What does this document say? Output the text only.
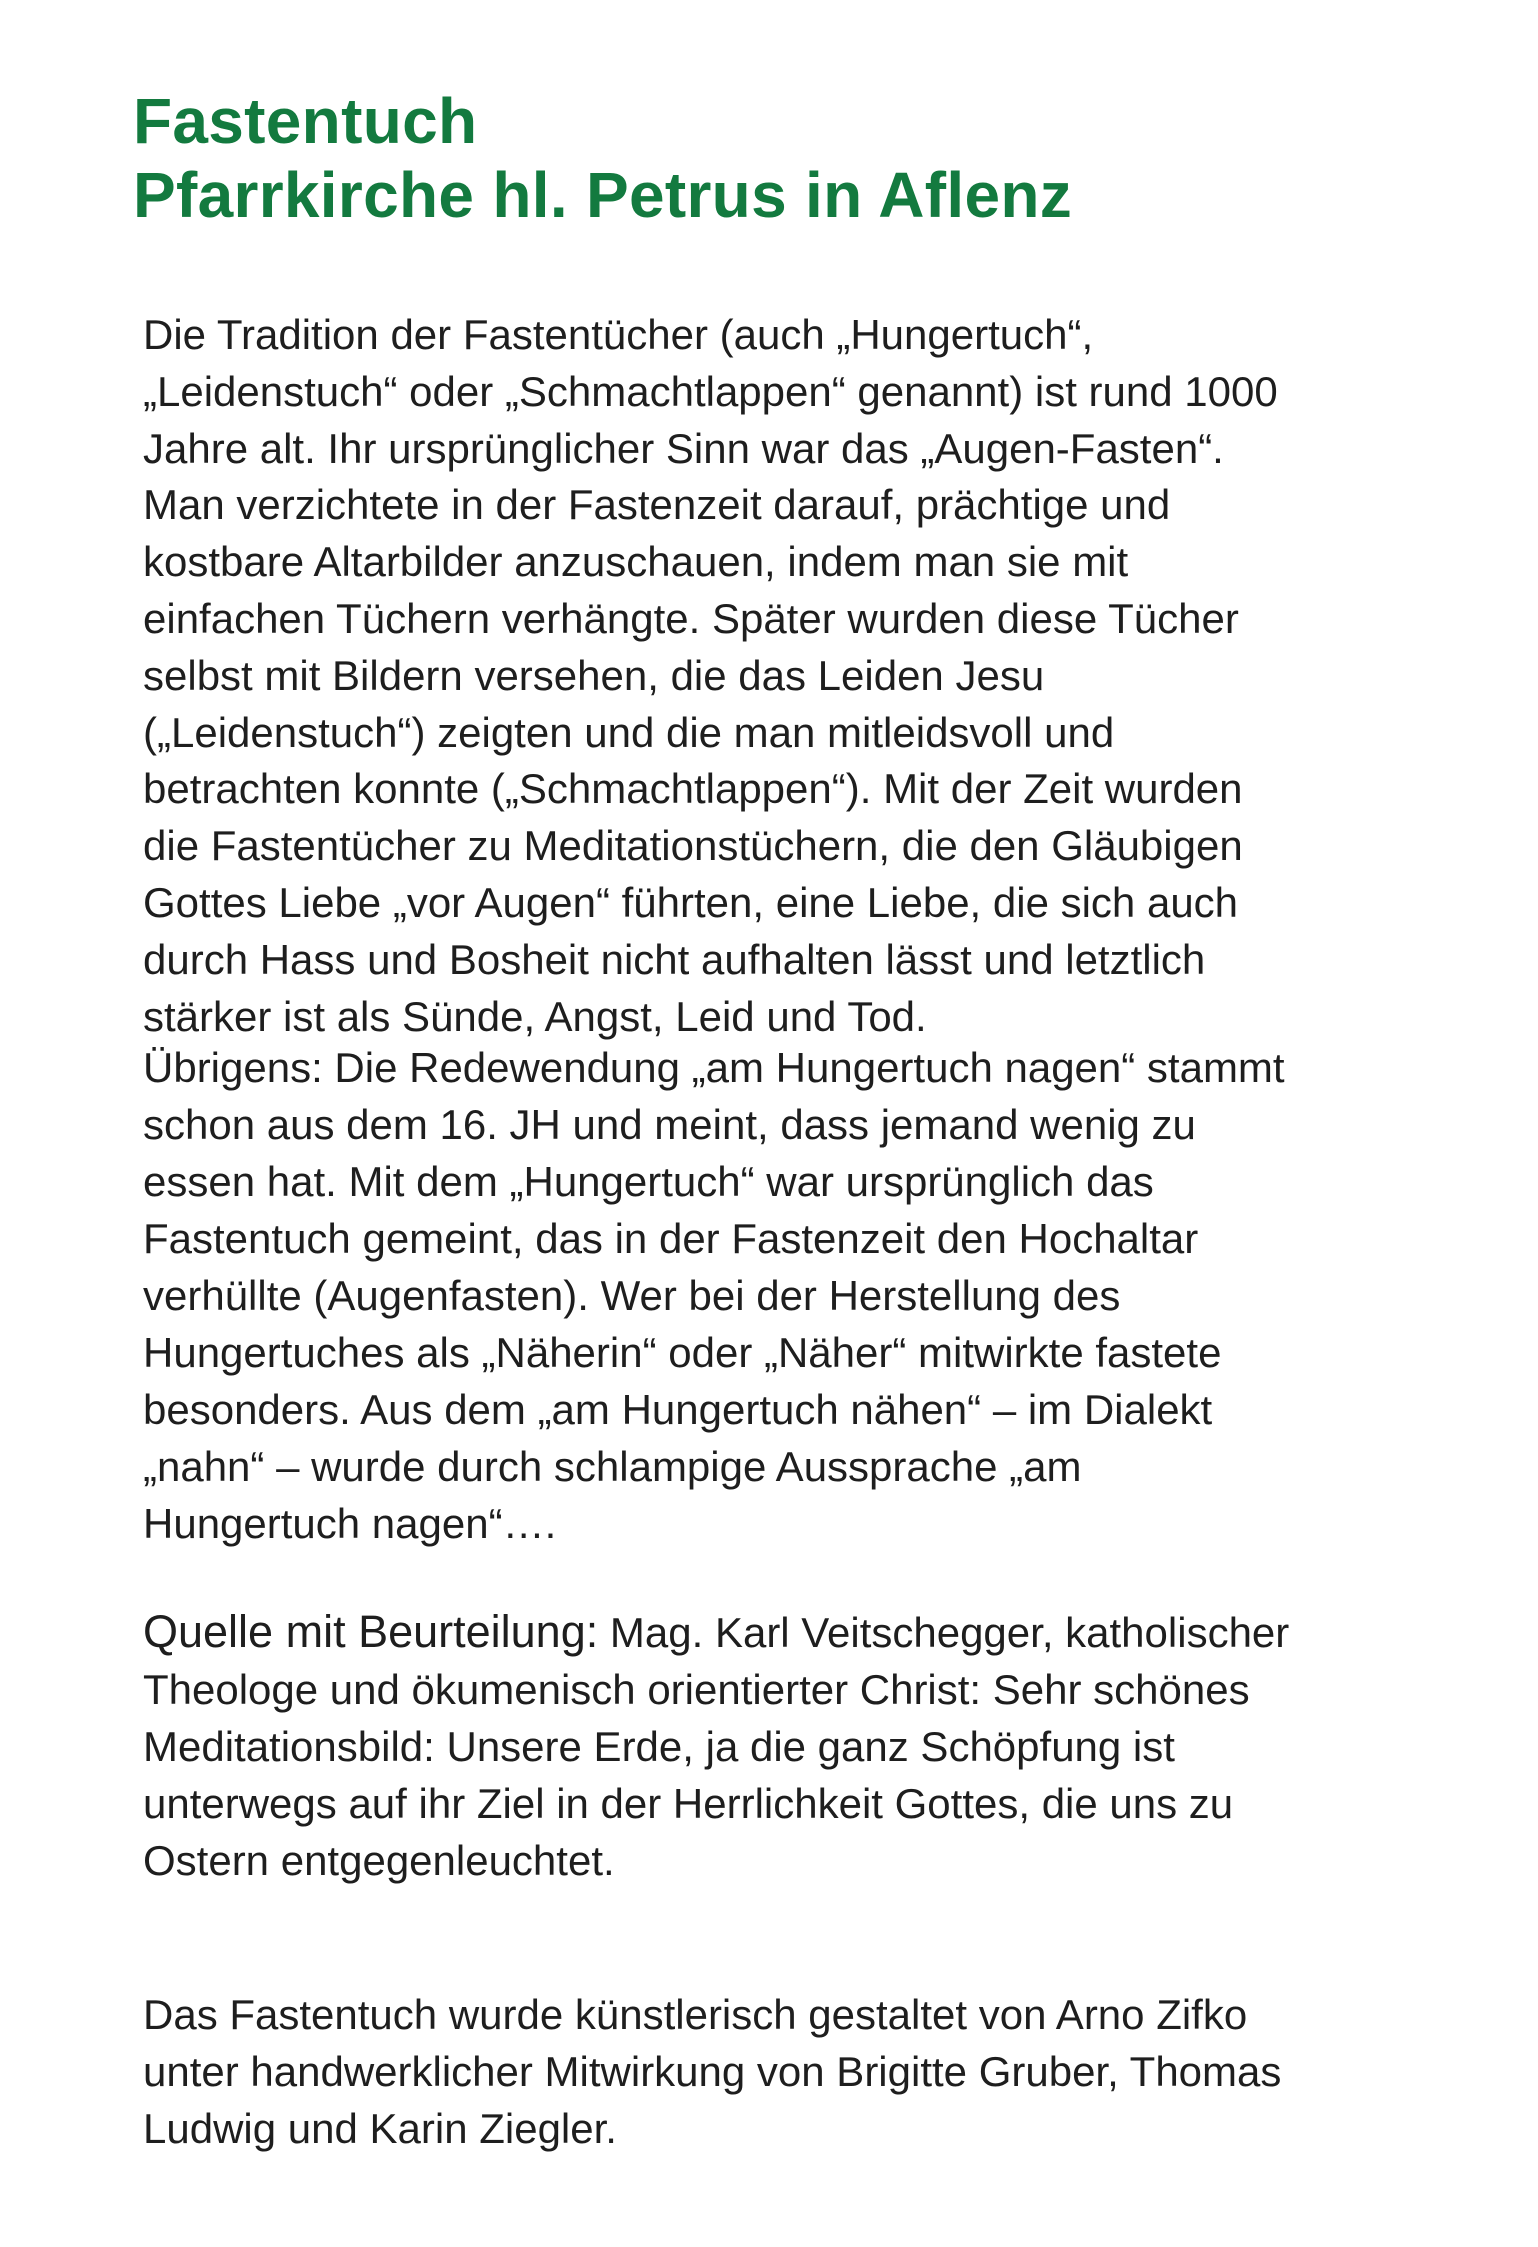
Fastentuch
Pfarrkirche hl. Petrus in Aflenz

Die Tradition der Fastentücher (auch „Hungertuch“,
„Leidenstuch“ oder „Schmachtlappen“ genannt) ist rund 1000
Jahre alt. Ihr ursprünglicher Sinn war das „Augen-Fasten“.
Man verzichtete in der Fastenzeit darauf, prächtige und
kostbare Altarbilder anzuschauen, indem man sie mit
einfachen Tüchern verhängte. Später wurden diese Tücher
selbst mit Bildern versehen, die das Leiden Jesu
(„Leidenstuch“) zeigten und die man mitleidsvoll und
betrachten konnte („Schmachtlappen“). Mit der Zeit wurden
die Fastentücher zu Meditationstüchern, die den Gläubigen
Gottes Liebe „vor Augen“ führten, eine Liebe, die sich auch
durch Hass und Bosheit nicht aufhalten lässt und letztlich
stärker ist als Sünde, Angst, Leid und Tod.

Übrigens: Die Redewendung „am Hungertuch nagen“ stammt
schon aus dem 16. JH und meint, dass jemand wenig zu
essen hat. Mit dem „Hungertuch“ war ursprünglich das
Fastentuch gemeint, das in der Fastenzeit den Hochaltar
verhüllte (Augenfasten). Wer bei der Herstellung des
Hungertuches als „Näherin“ oder „Näher“ mitwirkte fastete
besonders. Aus dem „am Hungertuch nähen“ – im Dialekt
„nahn“ – wurde durch schlampige Aussprache „am
Hungertuch nagen“….

Quelle mit Beurteilung: Mag. Karl Veitschegger, katholischer
Theologe und ökumenisch orientierter Christ: Sehr schönes
Meditationsbild: Unsere Erde, ja die ganz Schöpfung ist
unterwegs auf ihr Ziel in der Herrlichkeit Gottes, die uns zu
Ostern entgegenleuchtet.

Das Fastentuch wurde künstlerisch gestaltet von Arno Zifko
unter handwerklicher Mitwirkung von Brigitte Gruber, Thomas
Ludwig und Karin Ziegler.
